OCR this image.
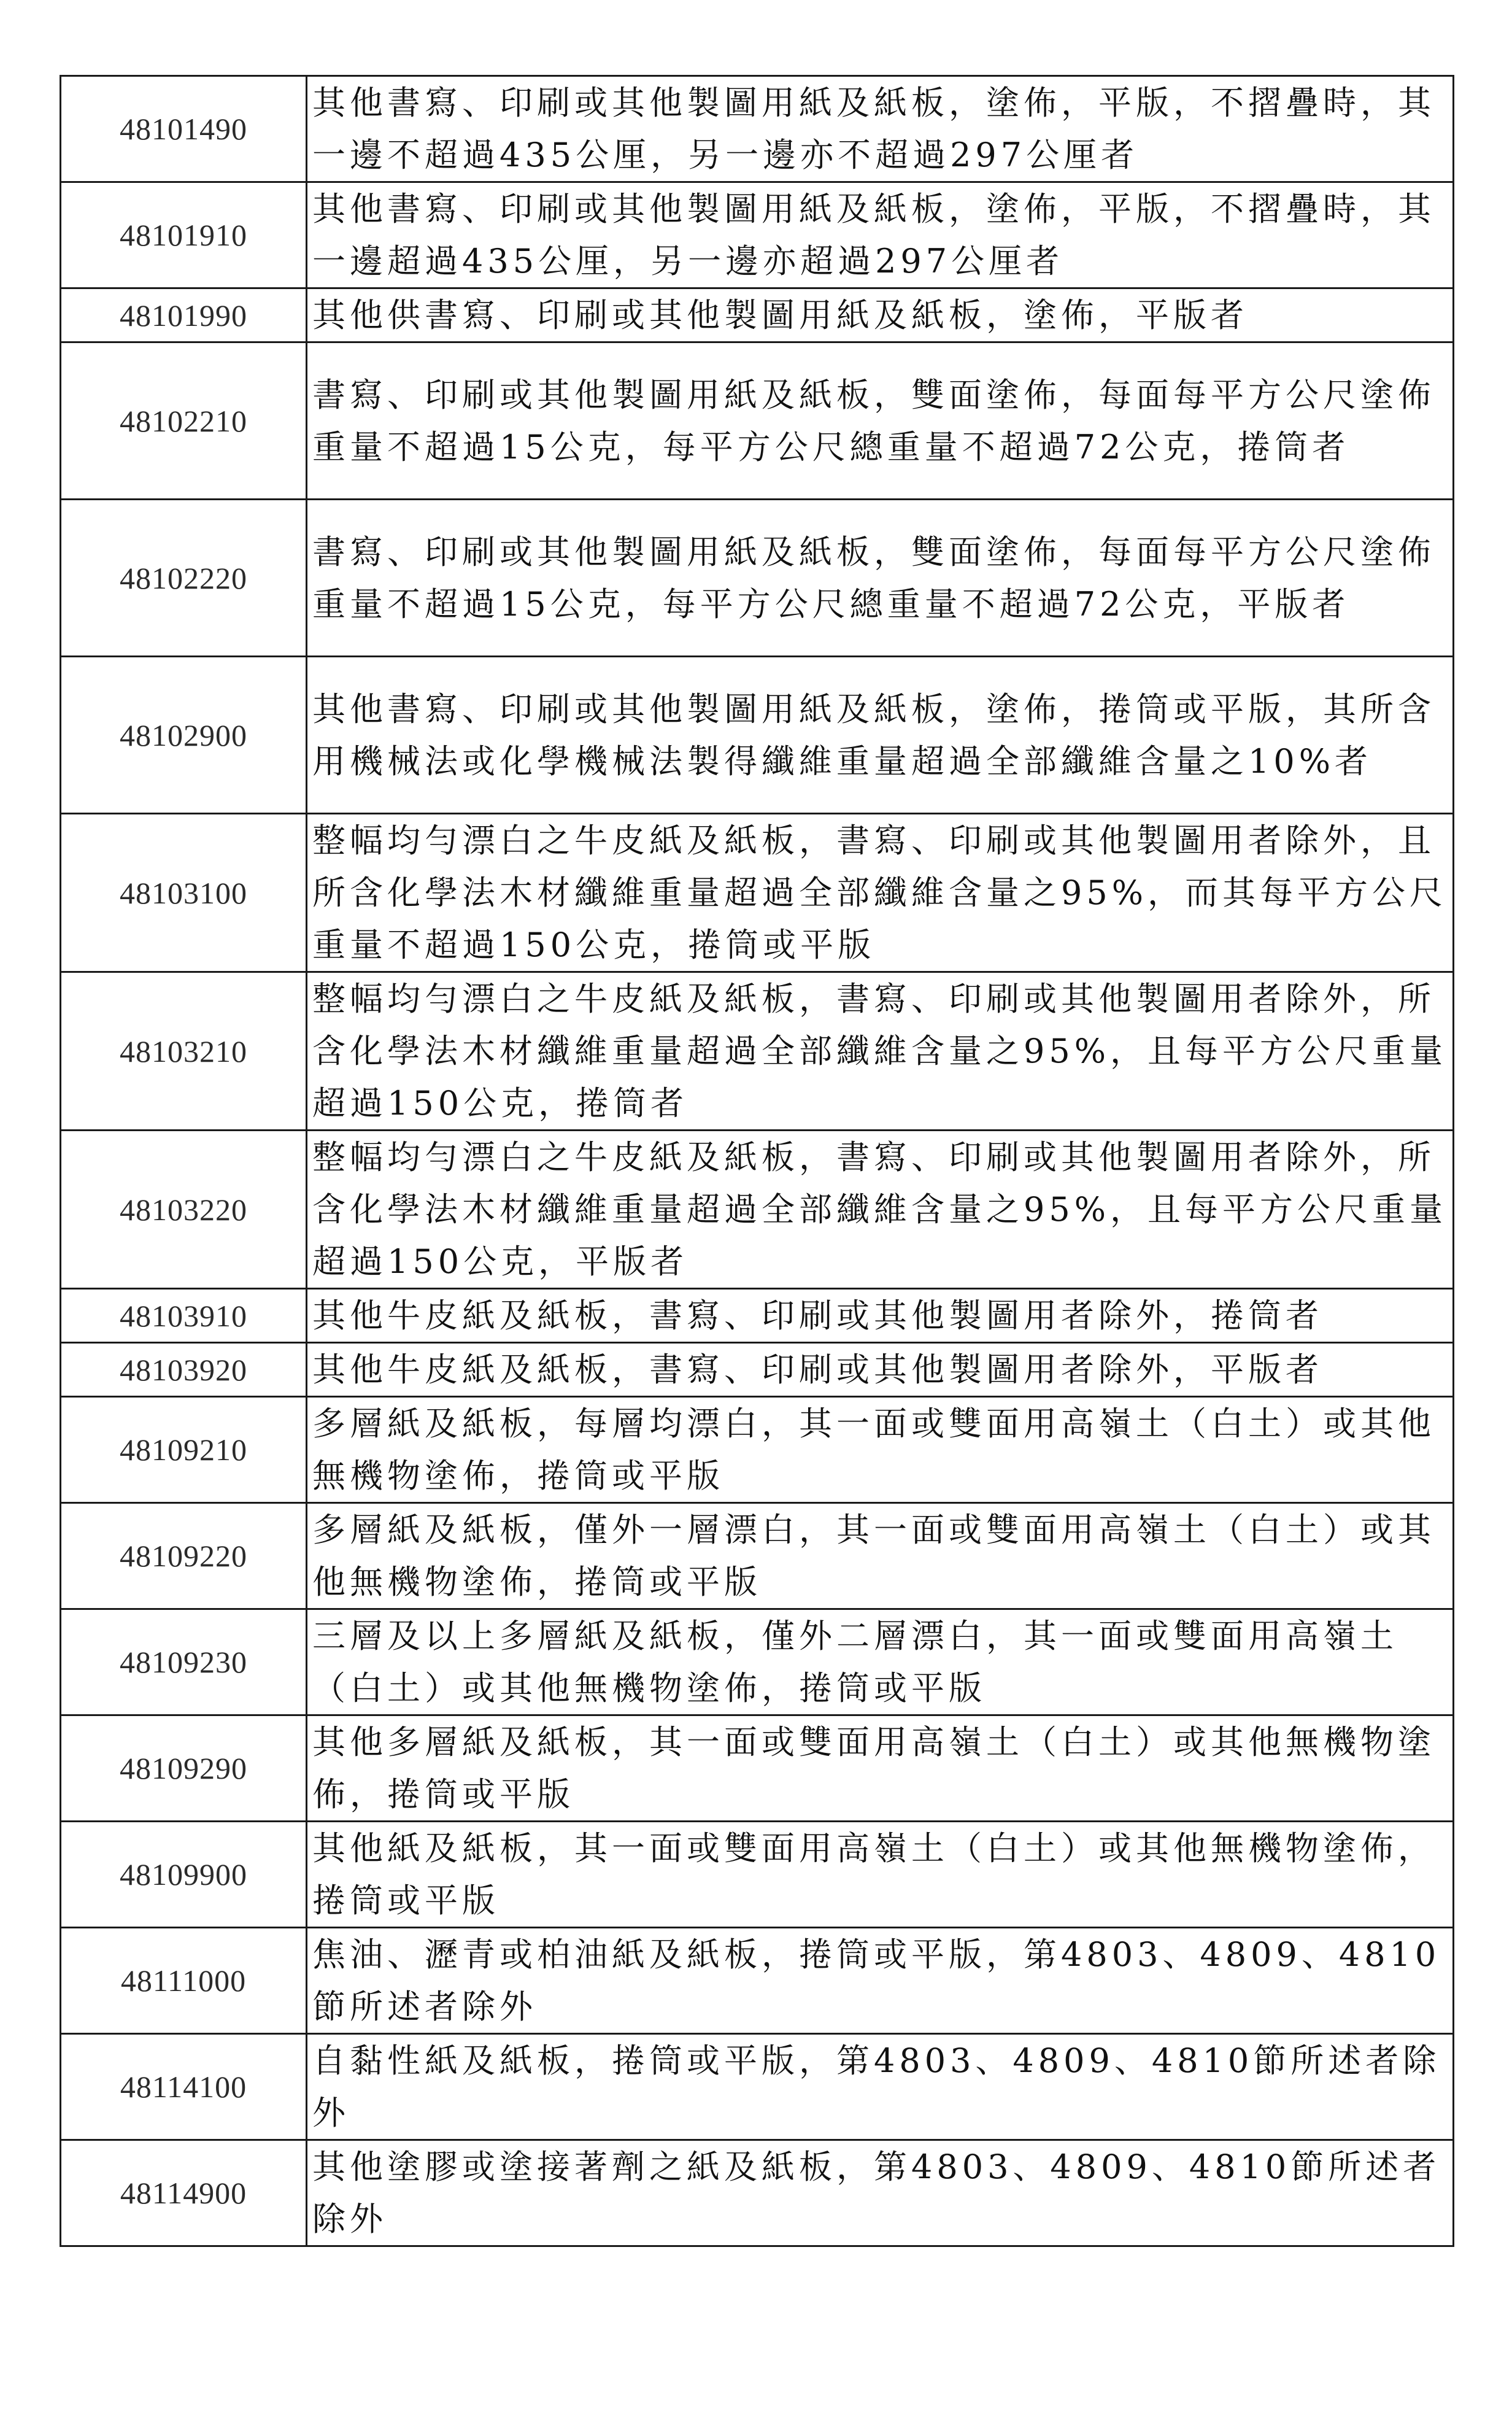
48101490	其他書寫、印刷或其他製圖用紙及紙板，塗佈，平版，不摺疊時，其一邊不超過435公厘，另一邊亦不超過297公厘者

48101910	其他書寫、印刷或其他製圖用紙及紙板，塗佈，平版，不摺疊時，其一邊超過435公厘，另一邊亦超過297公厘者

48101990	其他供書寫、印刷或其他製圖用紙及紙板，塗佈，平版者

48102210	書寫、印刷或其他製圖用紙及紙板，雙面塗佈，每面每平方公尺塗佈重量不超過15公克，每平方公尺總重量不超過72公克，捲筒者

48102220	書寫、印刷或其他製圖用紙及紙板，雙面塗佈，每面每平方公尺塗佈重量不超過15公克，每平方公尺總重量不超過72公克，平版者

48102900	其他書寫、印刷或其他製圖用紙及紙板，塗佈，捲筒或平版，其所含用機械法或化學機械法製得纖維重量超過全部纖維含量之10%者

48103100	整幅均勻漂白之牛皮紙及紙板，書寫、印刷或其他製圖用者除外，且所含化學法木材纖維重量超過全部纖維含量之95%，而其每平方公尺重量不超過150公克，捲筒或平版

48103210	整幅均勻漂白之牛皮紙及紙板，書寫、印刷或其他製圖用者除外，所含化學法木材纖維重量超過全部纖維含量之95%，且每平方公尺重量超過150公克，捲筒者

48103220	整幅均勻漂白之牛皮紙及紙板，書寫、印刷或其他製圖用者除外，所含化學法木材纖維重量超過全部纖維含量之95%，且每平方公尺重量超過150公克，平版者

48103910	其他牛皮紙及紙板，書寫、印刷或其他製圖用者除外，捲筒者

48103920	其他牛皮紙及紙板，書寫、印刷或其他製圖用者除外，平版者

48109210	多層紙及紙板，每層均漂白，其一面或雙面用高嶺土（白土）或其他無機物塗佈，捲筒或平版

48109220	多層紙及紙板，僅外一層漂白，其一面或雙面用高嶺土（白土）或其他無機物塗佈，捲筒或平版

48109230	三層及以上多層紙及紙板，僅外二層漂白，其一面或雙面用高嶺土（白土）或其他無機物塗佈，捲筒或平版

48109290	其他多層紙及紙板，其一面或雙面用高嶺土（白土）或其他無機物塗佈，捲筒或平版

48109900	其他紙及紙板，其一面或雙面用高嶺土（白土）或其他無機物塗佈，捲筒或平版

48111000	焦油、瀝青或柏油紙及紙板，捲筒或平版，第4803、4809、4810節所述者除外

48114100	自黏性紙及紙板，捲筒或平版，第4803、4809、4810節所述者除外

48114900	其他塗膠或塗接著劑之紙及紙板，第4803、4809、4810節所述者除外
